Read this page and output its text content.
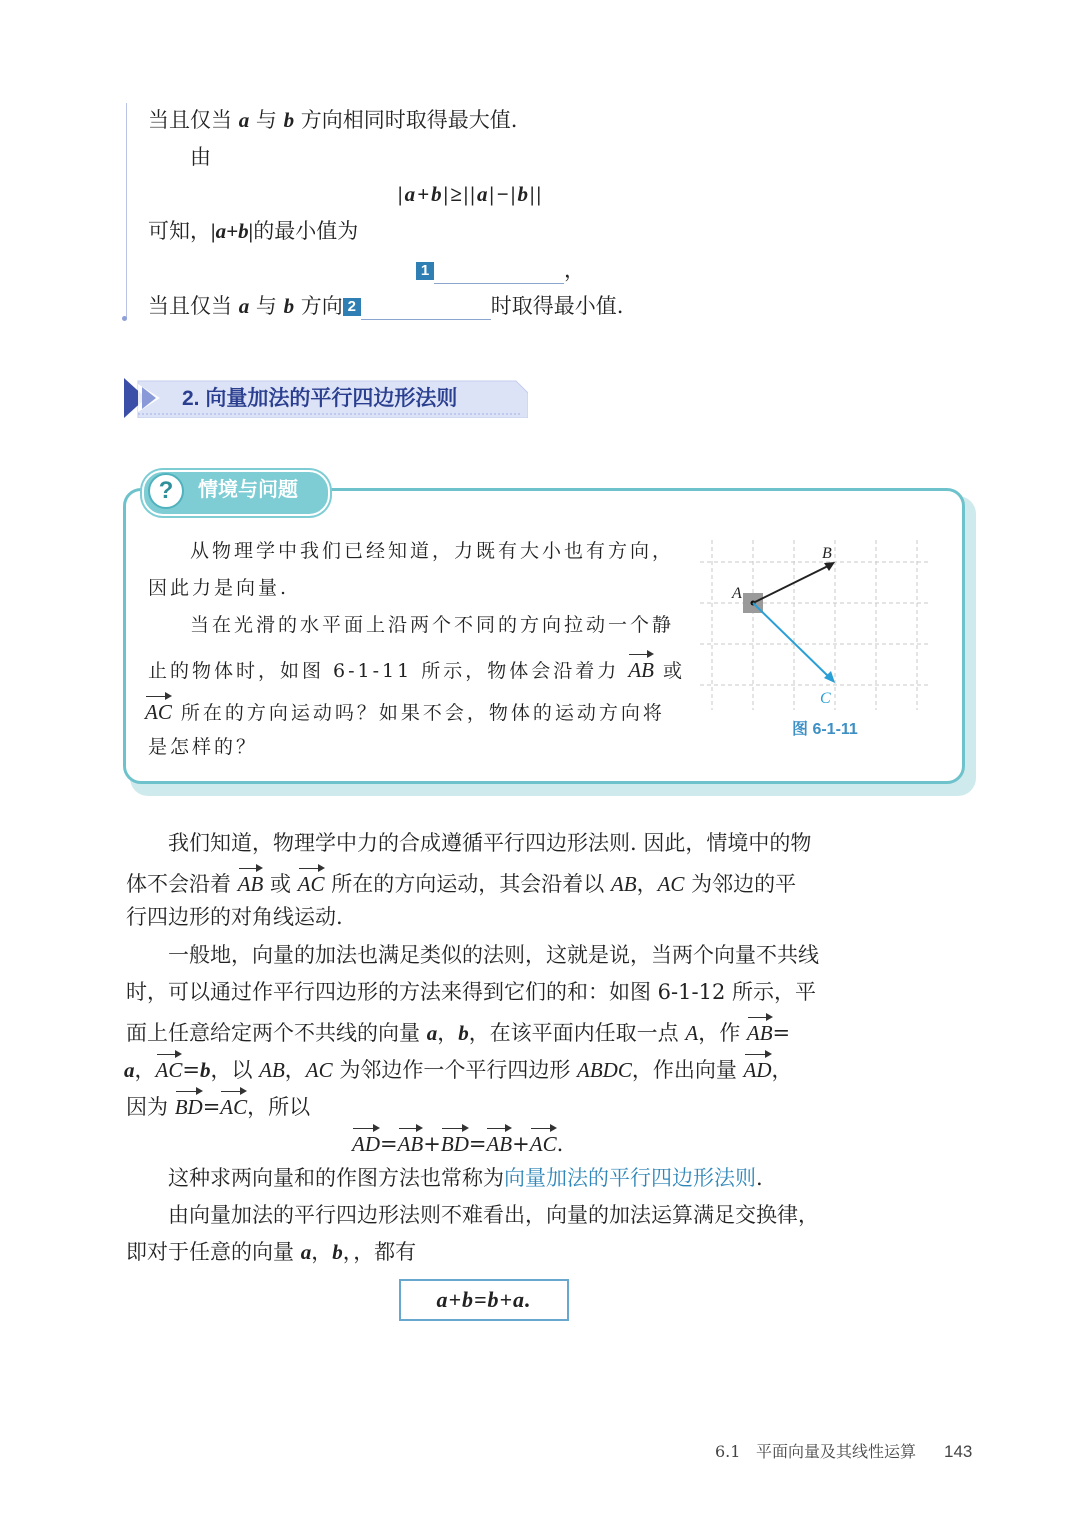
当且仅当 a 与 b 方向相同时取得最大值.
由
|a+b|≥||a|−|b||
可知，|a+b|的最小值为
1	，
当且仅当 a 与 b 方向 2	时取得最小值.
2. 向量加法的平行四边形法则
?	情境与问题
从物理学中我们已经知道，力既有大小也有方向，
因此力是向量.
当在光滑的水平面上沿两个不同的方向拉动一个静
止的物体时，如图 6-1-11 所示，物体会沿着力 AB 或
AC 所在的方向运动吗？如果不会，物体的运动方向将
是怎样的？
A
B
C
图 6-1-11
我们知道，物理学中力的合成遵循平行四边形法则. 因此，情境中的物
体不会沿着 AB 或 AC 所在的方向运动，其会沿着以 AB，AC 为邻边的平
行四边形的对角线运动.
一般地，向量的加法也满足类似的法则，这就是说，当两个向量不共线
时，可以通过作平行四边形的方法来得到它们的和：如图 6-1-12 所示，平
面上任意给定两个不共线的向量 a，b，在该平面内任取一点 A，作 AB=
a，AC=b，以 AB，AC 为邻边作一个平行四边形 ABDC，作出向量 AD，
因为 BD=AC，所以
AD=AB+BD=AB+AC.
这种求两向量和的作图方法也常称为向量加法的平行四边形法则.
由向量加法的平行四边形法则不难看出，向量的加法运算满足交换律，
即对于任意的向量 a，b，，都有
a+b=b+a.
6.1 平面向量及其线性运算 143
